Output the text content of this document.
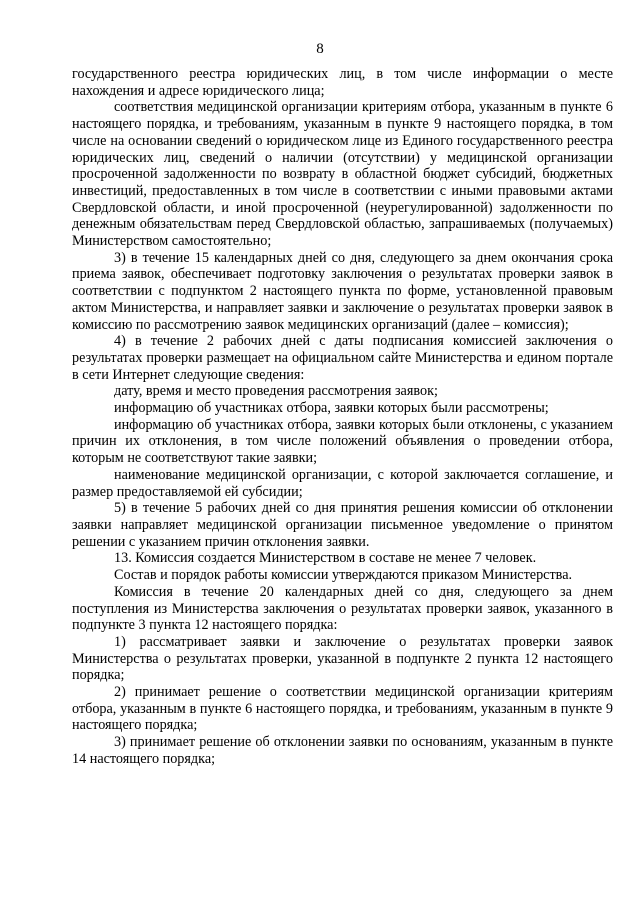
8

государственного реестра юридических лиц, в том числе информации о месте нахождения и адресе юридического лица;

соответствия медицинской организации критериям отбора, указанным в пункте 6 настоящего порядка, и требованиям, указанным в пункте 9 настоящего порядка, в том числе на основании сведений о юридическом лице из Единого государственного реестра юридических лиц, сведений о наличии (отсутствии) у медицинской организации просроченной задолженности по возврату в областной бюджет субсидий, бюджетных инвестиций, предоставленных в том числе в соответствии с иными правовыми актами Свердловской области, и иной просроченной (неурегулированной) задолженности по денежным обязательствам перед Свердловской областью, запрашиваемых (получаемых) Министерством самостоятельно;

3) в течение 15 календарных дней со дня, следующего за днем окончания срока приема заявок, обеспечивает подготовку заключения о результатах проверки заявок в соответствии с подпунктом 2 настоящего пункта по форме, установленной правовым актом Министерства, и направляет заявки и заключение о результатах проверки заявок в комиссию по рассмотрению заявок медицинских организаций (далее – комиссия);

4) в течение 2 рабочих дней с даты подписания комиссией заключения о результатах проверки размещает на официальном сайте Министерства и едином портале в сети Интернет следующие сведения:

дату, время и место проведения рассмотрения заявок;

информацию об участниках отбора, заявки которых были рассмотрены;

информацию об участниках отбора, заявки которых были отклонены, с указанием причин их отклонения, в том числе положений объявления о проведении отбора, которым не соответствуют такие заявки;

наименование медицинской организации, с которой заключается соглашение, и размер предоставляемой ей субсидии;

5) в течение 5 рабочих дней со дня принятия решения комиссии об отклонении заявки направляет медицинской организации письменное уведомление о принятом решении с указанием причин отклонения заявки.

13. Комиссия создается Министерством в составе не менее 7 человек.

Состав и порядок работы комиссии утверждаются приказом Министерства.

Комиссия в течение 20 календарных дней со дня, следующего за днем поступления из Министерства заключения о результатах проверки заявок, указанного в подпункте 3 пункта 12 настоящего порядка:

1) рассматривает заявки и заключение о результатах проверки заявок Министерства о результатах проверки, указанной в подпункте 2 пункта 12 настоящего порядка;

2) принимает решение о соответствии медицинской организации критериям отбора, указанным в пункте 6 настоящего порядка, и требованиям, указанным в пункте 9 настоящего порядка;

3) принимает решение об отклонении заявки по основаниям, указанным в пункте 14 настоящего порядка;
